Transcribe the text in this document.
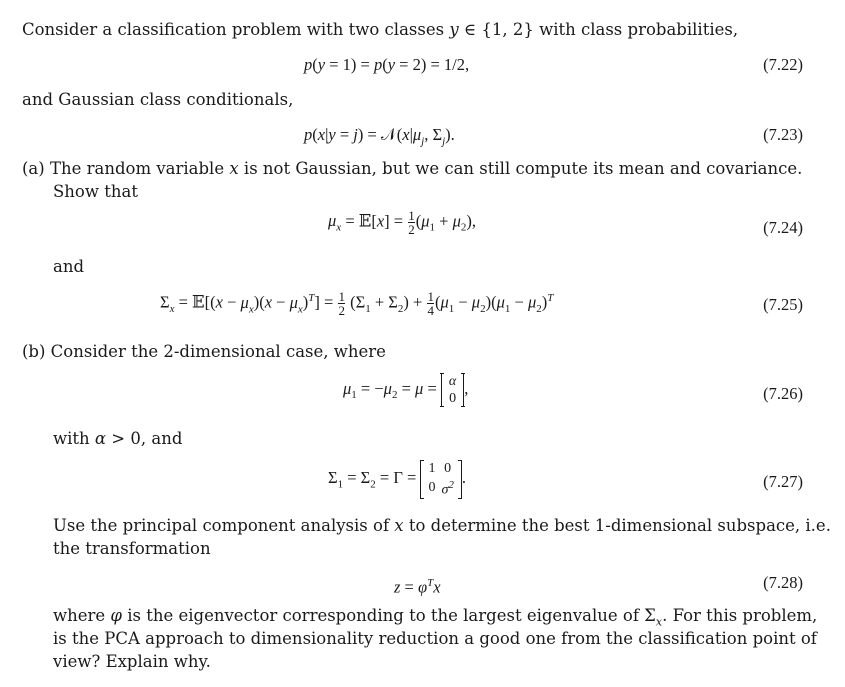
Consider a classification problem with two classes y ∈ {1, 2} with class probabilities,
p(y = 1) = p(y = 2) = 1/2,	(7.22)
and Gaussian class conditionals,
$p(x|y = j) = 𝒩(x|\mu_j$, $\Sigma_j$).	(7.23)
(a) The random variable x is not Gaussian, but we can still compute its mean and covariance.
Show that
$\mu_x$ = 𝔼[x] = $\frac{1}{2} (\mu_1 + \mu_2)$,	(7.24)
and
$\Sigma_x$ = 𝔼[(x − $\mu_x)(x - \mu_x)^T] = \frac{1}{2} (\Sigma_1 + \Sigma_2) + \frac{1}{4} (\mu_1 - \mu_2)(\mu_1 - \mu_2)^T$	(7.25)
(b) Consider the 2-dimensional case, where
$\mu_1 = -\mu_2 = \mu = \alpha$
0
,	(7.26)
with α > 0, and
$\Sigma_1 = \Sigma_2 = \Gamma = 1$	0
0	$\sigma^2$ .	(7.27)
Use the principal component analysis of x to determine the best 1-dimensional subspace, i.e.
the transformation
$z = \varphi^Tx$	(7.28)
where φ is the eigenvector corresponding to the largest eigenvalue of $\Sigma_x$. For this problem,
is the PCA approach to dimensionality reduction a good one from the classification point of
view? Explain why.
